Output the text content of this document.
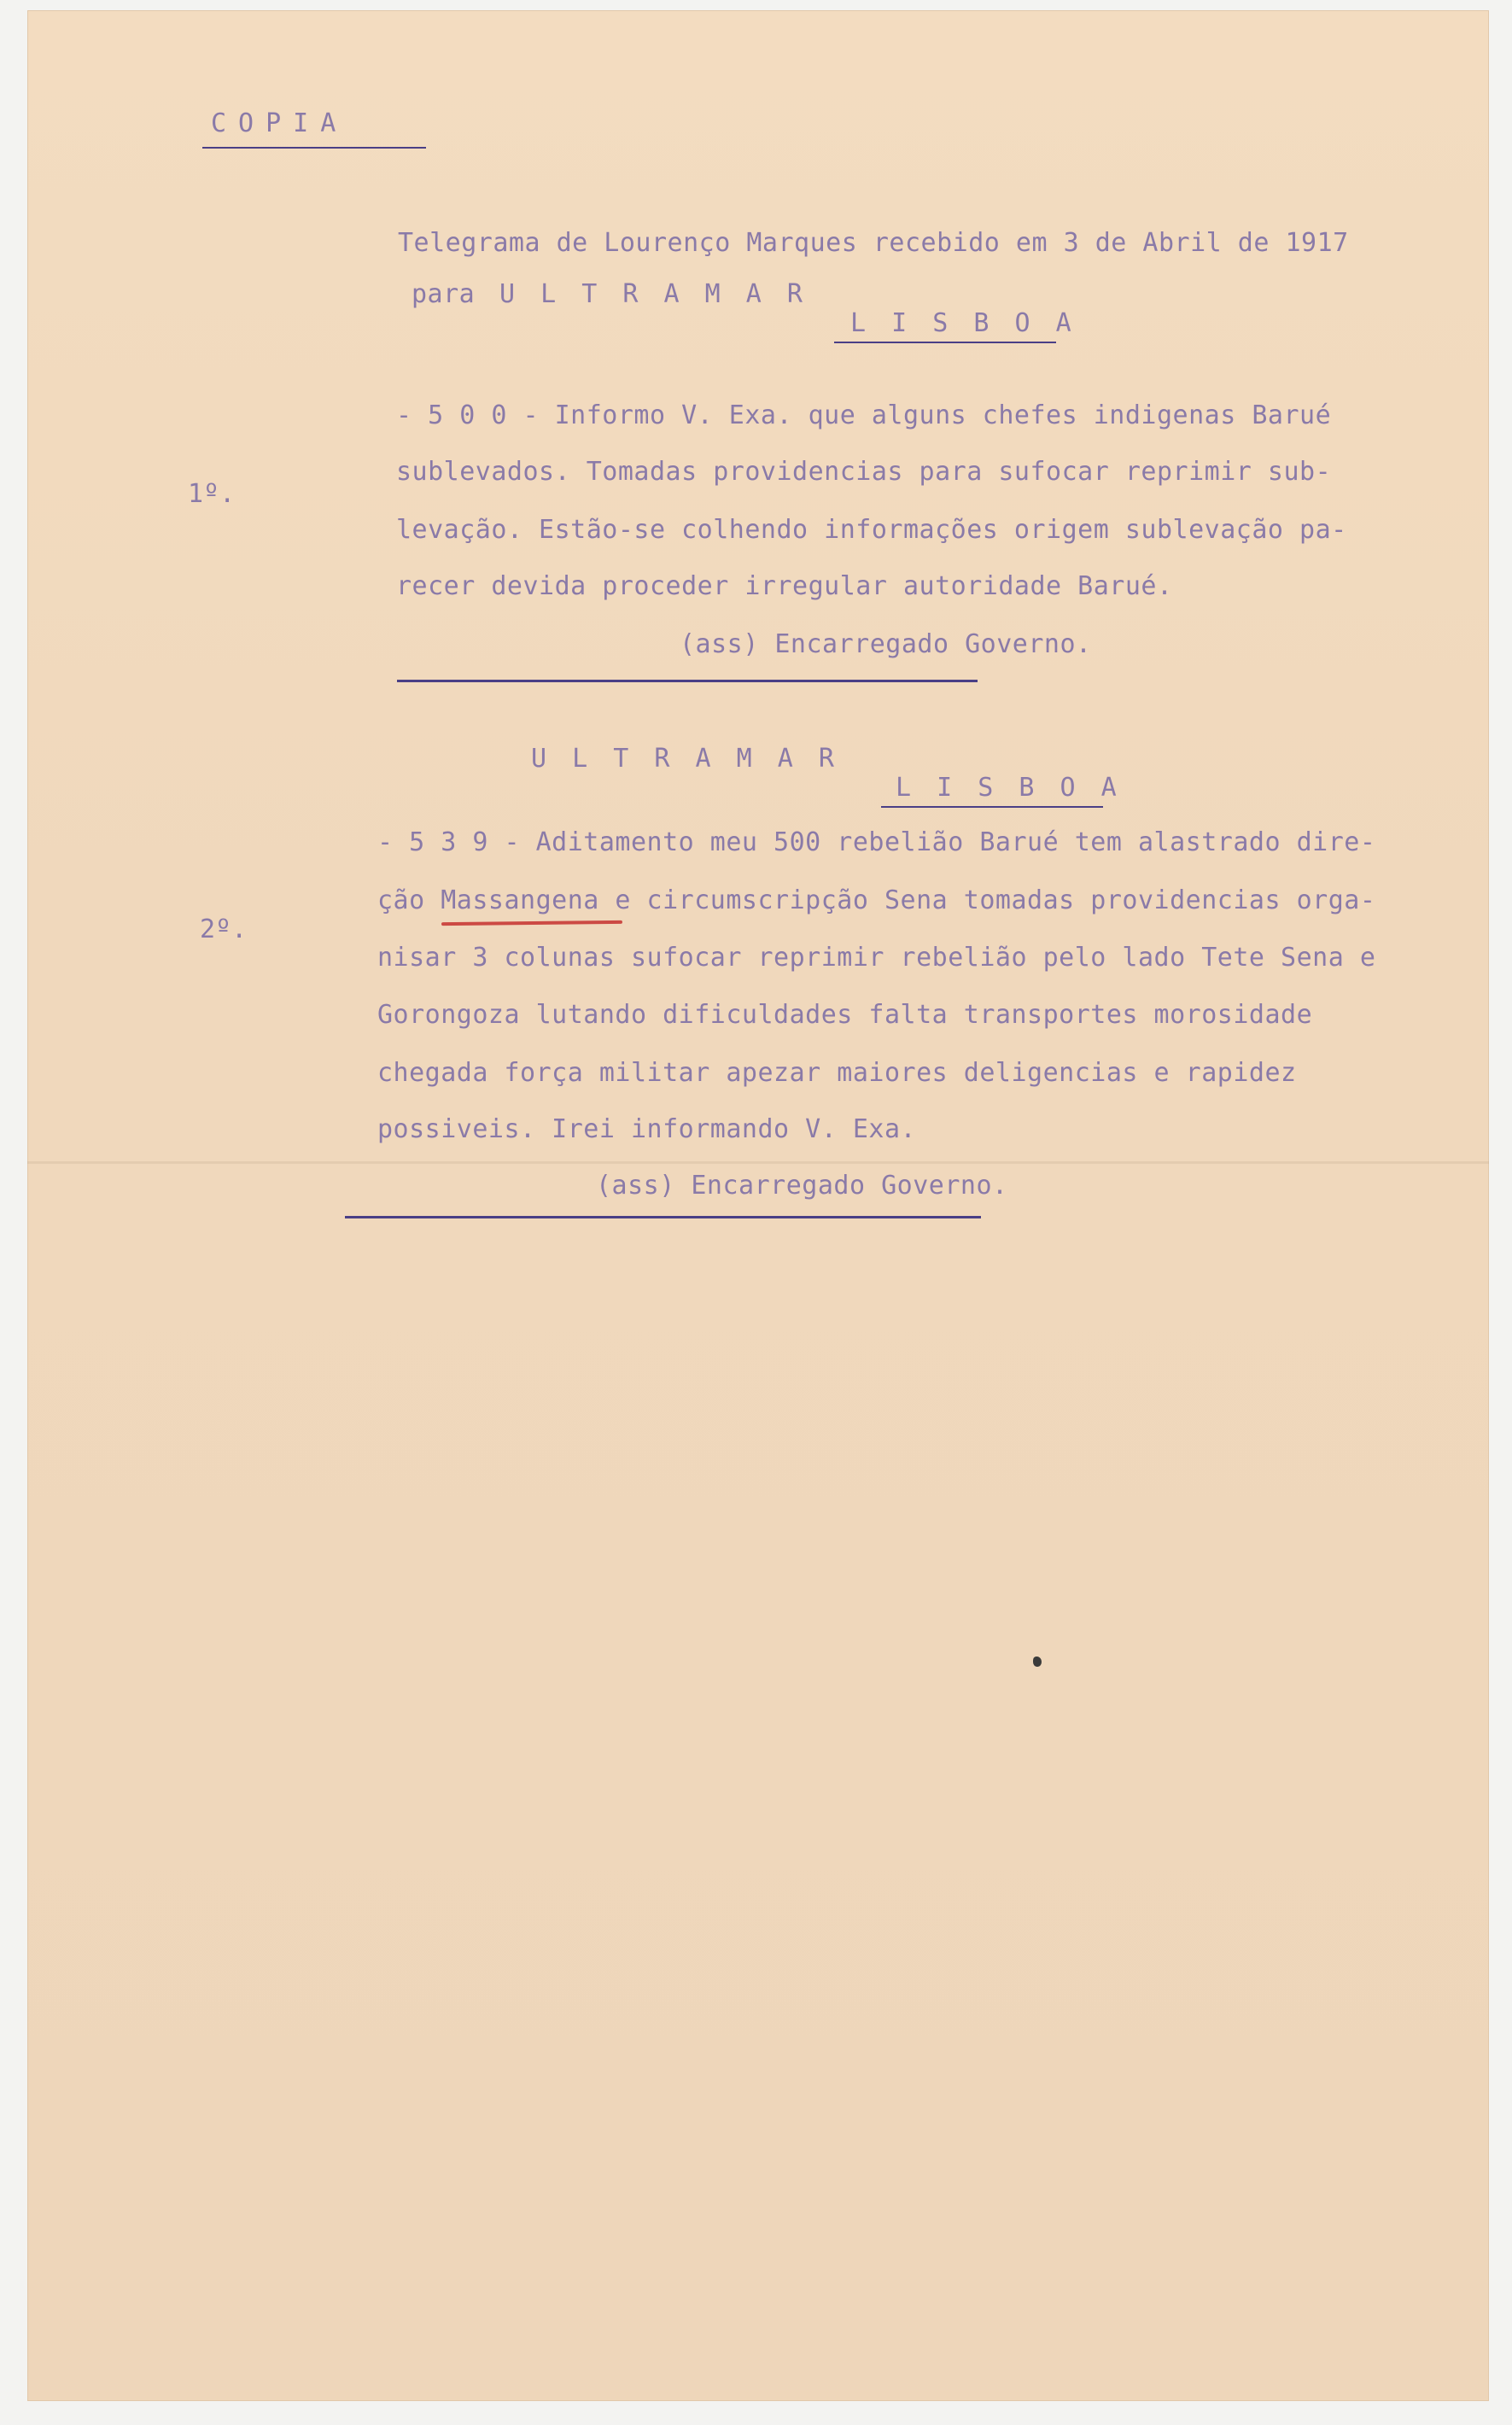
COPIA
Telegrama de Lourenço Marques recebido em 3 de Abril de 1917
para U L T R A M A R
L I S B O A
1º.
- 5 0 0 - Informo V. Exa. que alguns chefes indigenas Barué
sublevados. Tomadas providencias para sufocar reprimir sub-
levação. Estão-se colhendo informações origem sublevação pa-
recer devida proceder irregular autoridade Barué.
(ass) Encarregado Governo.
U L T R A M A R
L I S B O A
2º.
- 5 3 9 - Aditamento meu 500 rebelião Barué tem alastrado dire-
ção Massangena e circumscripção Sena tomadas providencias orga-
nisar 3 colunas sufocar reprimir rebelião pelo lado Tete Sena e
Gorongoza lutando dificuldades falta transportes morosidade
chegada força militar apezar maiores deligencias e rapidez
possiveis. Irei informando V. Exa.
(ass) Encarregado Governo.
